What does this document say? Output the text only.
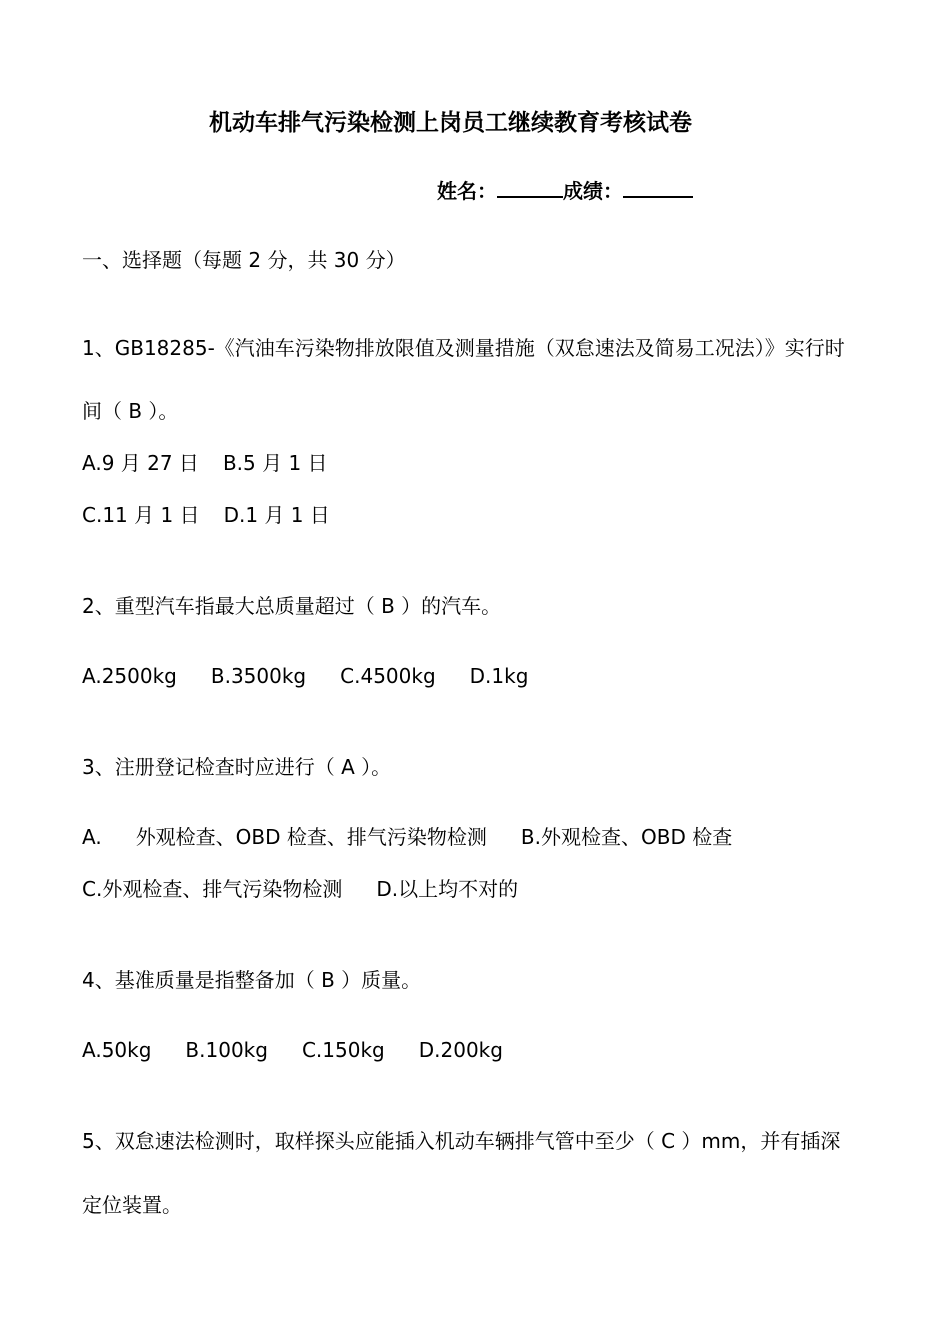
机动车排气污染检测上岗员工继续教育考核试卷
姓名：	成绩：
一、选择题（每题 2 分，共 30 分）
1、GB18285-《汽油车污染物排放限值及测量措施（双怠速法及简易工况法）》实行时
间（ B ）。
A.9 月 27 日 B.5 月 1 日
C.11 月 1 日 D.1 月 1 日
2、重型汽车指最大总质量超过（ B ）的汽车。
A.2500kg B.3500kg C.4500kg D.1kg
3、注册登记检查时应进行（ A ）。
A. 外观检查、OBD 检查、排气污染物检测 B.外观检查、OBD 检查
C.外观检查、排气污染物检测 D.以上均不对的
4、基准质量是指整备加（ B ）质量。
A.50kg B.100kg C.150kg D.200kg
5、双怠速法检测时，取样探头应能插入机动车辆排气管中至少（ C ）mm，并有插深
定位装置。
